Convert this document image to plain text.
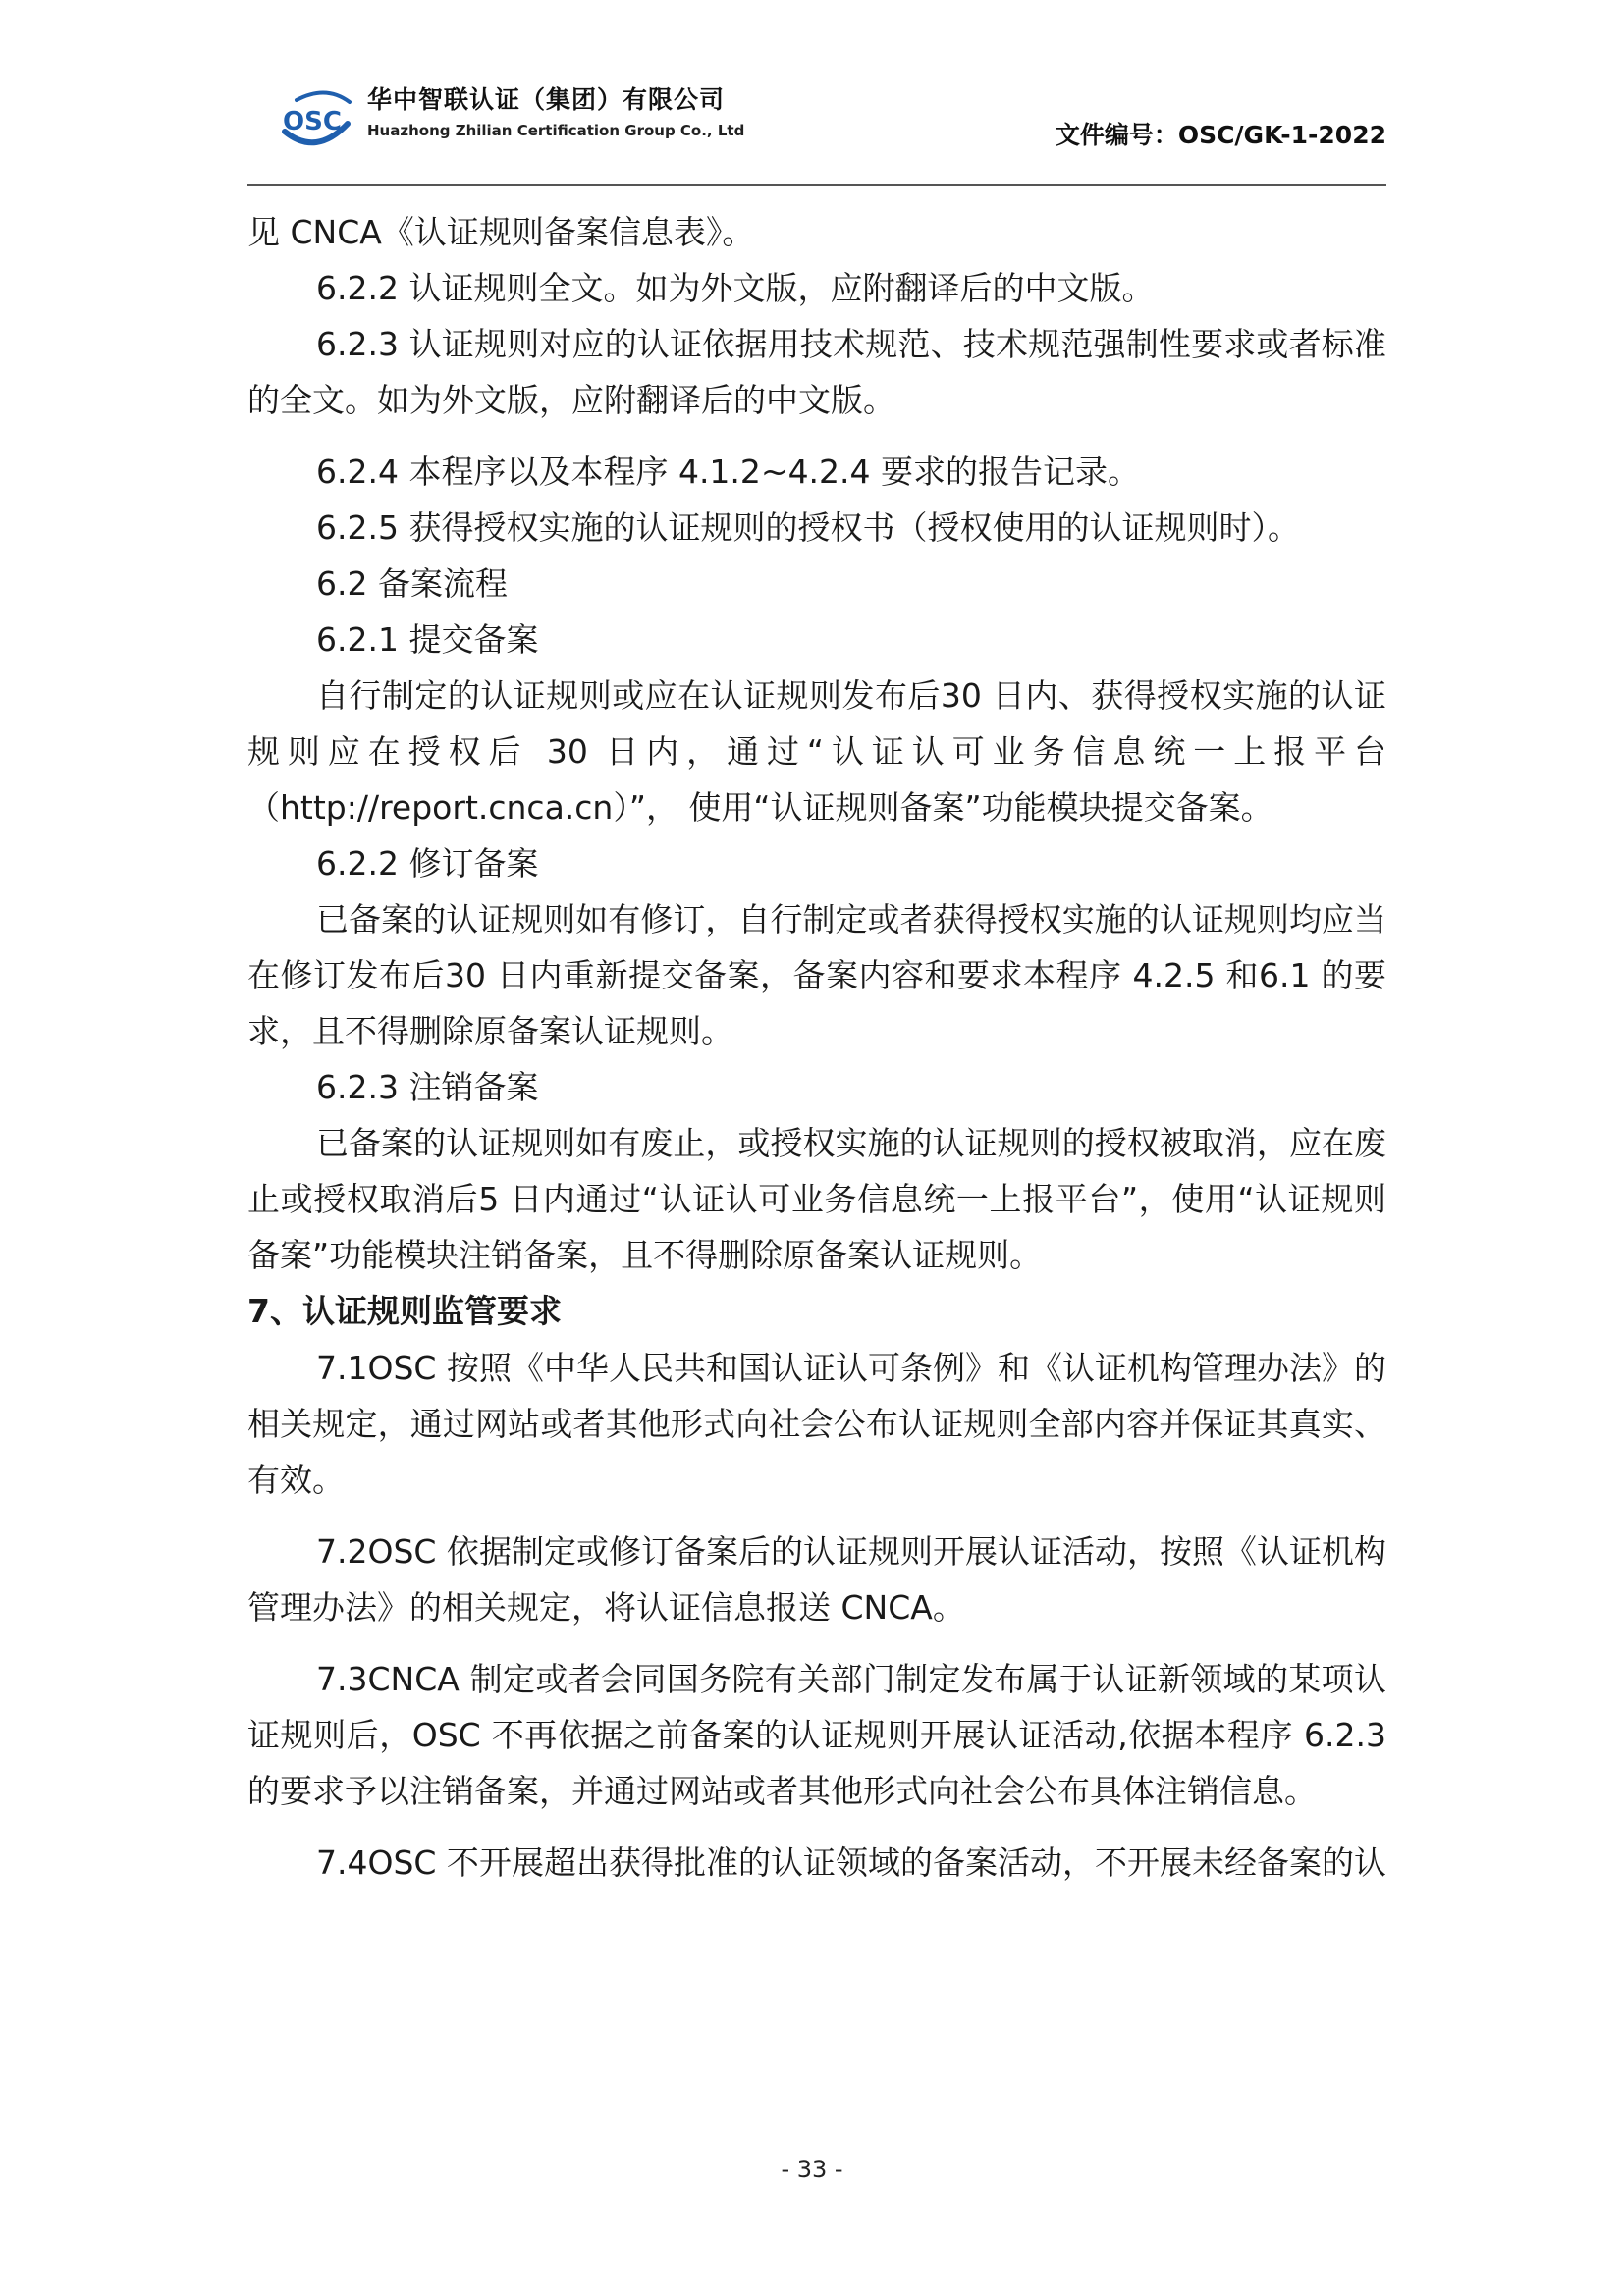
OSC
华中智联认证（集团）有限公司
Huazhong Zhilian Certification Group Co., Ltd	文件编号：OSC/GK-1-2022

见 CNCA《认证规则备案信息表》。

6.2.2 认证规则全文。如为外文版，应附翻译后的中文版。

6.2.3 认证规则对应的认证依据用技术规范、技术规范强制性要求或者标准的全文。如为外文版，应附翻译后的中文版。

6.2.4 本程序以及本程序 4.1.2~4.2.4 要求的报告记录。

6.2.5 获得授权实施的认证规则的授权书（授权使用的认证规则时）。

6.2 备案流程

6.2.1 提交备案

自行制定的认证规则或应在认证规则发布后30 日内、获得授权实施的认证规则应在授权后 30 日内，通过“认证认可业务信息统一上报平台（http://report.cnca.cn）”， 使用“认证规则备案”功能模块提交备案。

6.2.2 修订备案

已备案的认证规则如有修订，自行制定或者获得授权实施的认证规则均应当在修订发布后30 日内重新提交备案，备案内容和要求本程序 4.2.5 和6.1 的要求，且不得删除原备案认证规则。

6.2.3 注销备案

已备案的认证规则如有废止，或授权实施的认证规则的授权被取消，应在废止或授权取消后5 日内通过“认证认可业务信息统一上报平台”，使用“认证规则备案”功能模块注销备案，且不得删除原备案认证规则。

7、认证规则监管要求

7.1OSC 按照《中华人民共和国认证认可条例》和《认证机构管理办法》的相关规定，通过网站或者其他形式向社会公布认证规则全部内容并保证其真实、有效。

7.2OSC 依据制定或修订备案后的认证规则开展认证活动，按照《认证机构管理办法》的相关规定，将认证信息报送 CNCA。

7.3CNCA 制定或者会同国务院有关部门制定发布属于认证新领域的某项认证规则后，OSC 不再依据之前备案的认证规则开展认证活动,依据本程序 6.2.3 的要求予以注销备案，并通过网站或者其他形式向社会公布具体注销信息。

7.4OSC 不开展超出获得批准的认证领域的备案活动，不开展未经备案的认

- 33 -
